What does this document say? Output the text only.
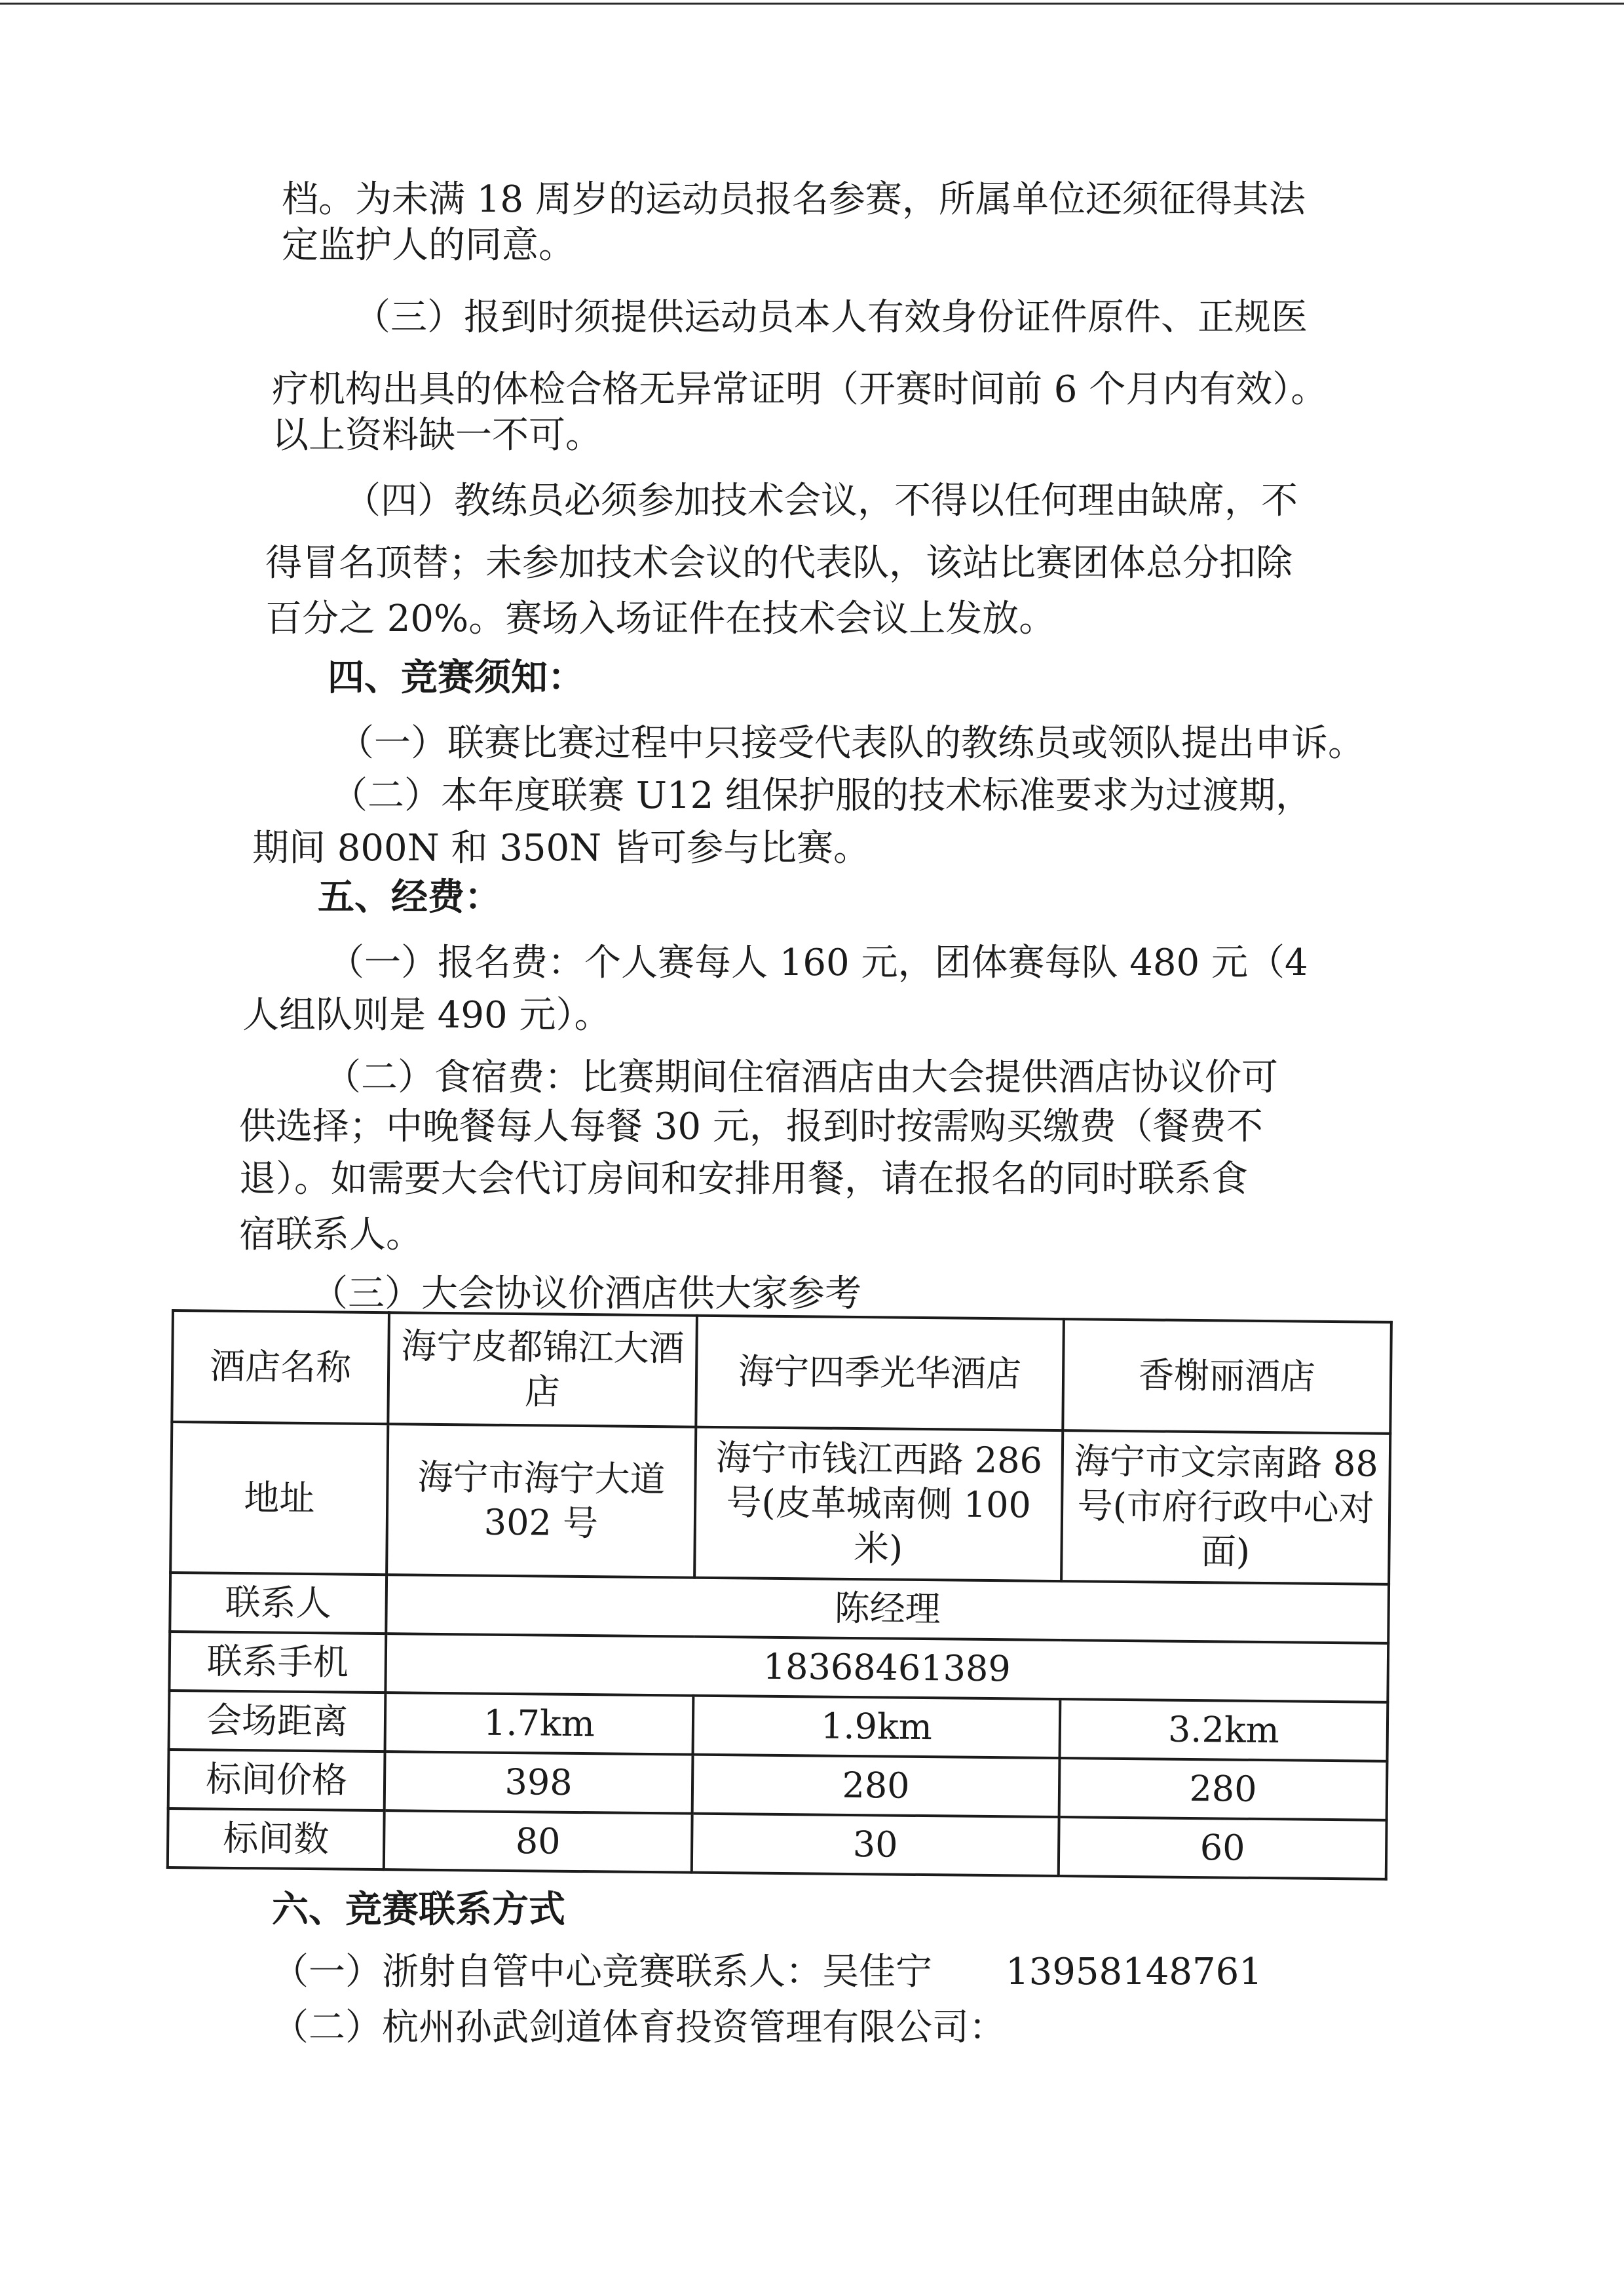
档。为未满 18 周岁的运动员报名参赛，所属单位还须征得其法
定监护人的同意。
（三）报到时须提供运动员本人有效身份证件原件、正规医
疗机构出具的体检合格无异常证明（开赛时间前 6 个月内有效）。
以上资料缺一不可。
（四）教练员必须参加技术会议，不得以任何理由缺席，不
得冒名顶替；未参加技术会议的代表队，该站比赛团体总分扣除
百分之 20%。赛场入场证件在技术会议上发放。
四、竞赛须知：
（一）联赛比赛过程中只接受代表队的教练员或领队提出申诉。
（二）本年度联赛 U12 组保护服的技术标准要求为过渡期，
期间 800N 和 350N 皆可参与比赛。
五、经费：
（一）报名费：个人赛每人 160 元，团体赛每队 480 元（4
人组队则是 490 元）。
（二）食宿费：比赛期间住宿酒店由大会提供酒店协议价可
供选择；中晚餐每人每餐 30 元，报到时按需购买缴费（餐费不
退）。如需要大会代订房间和安排用餐，请在报名的同时联系食
宿联系人。
（三）大会协议价酒店供大家参考
酒店名称	海宁皮都锦江大酒店	海宁四季光华酒店	香榭丽酒店
地址	海宁市海宁大道 302 号	海宁市钱江西路 286 号(皮革城南侧 100 米)	海宁市文宗南路 88 号(市府行政中心对面)
联系人	陈经理		
联系手机	18368461389		
会场距离	1.7km	1.9km	3.2km
标间价格	398	280	280
标间数	80	30	60
六、竞赛联系方式
（一）浙射自管中心竞赛联系人：吴佳宁　　13958148761
（二）杭州孙武剑道体育投资管理有限公司：
